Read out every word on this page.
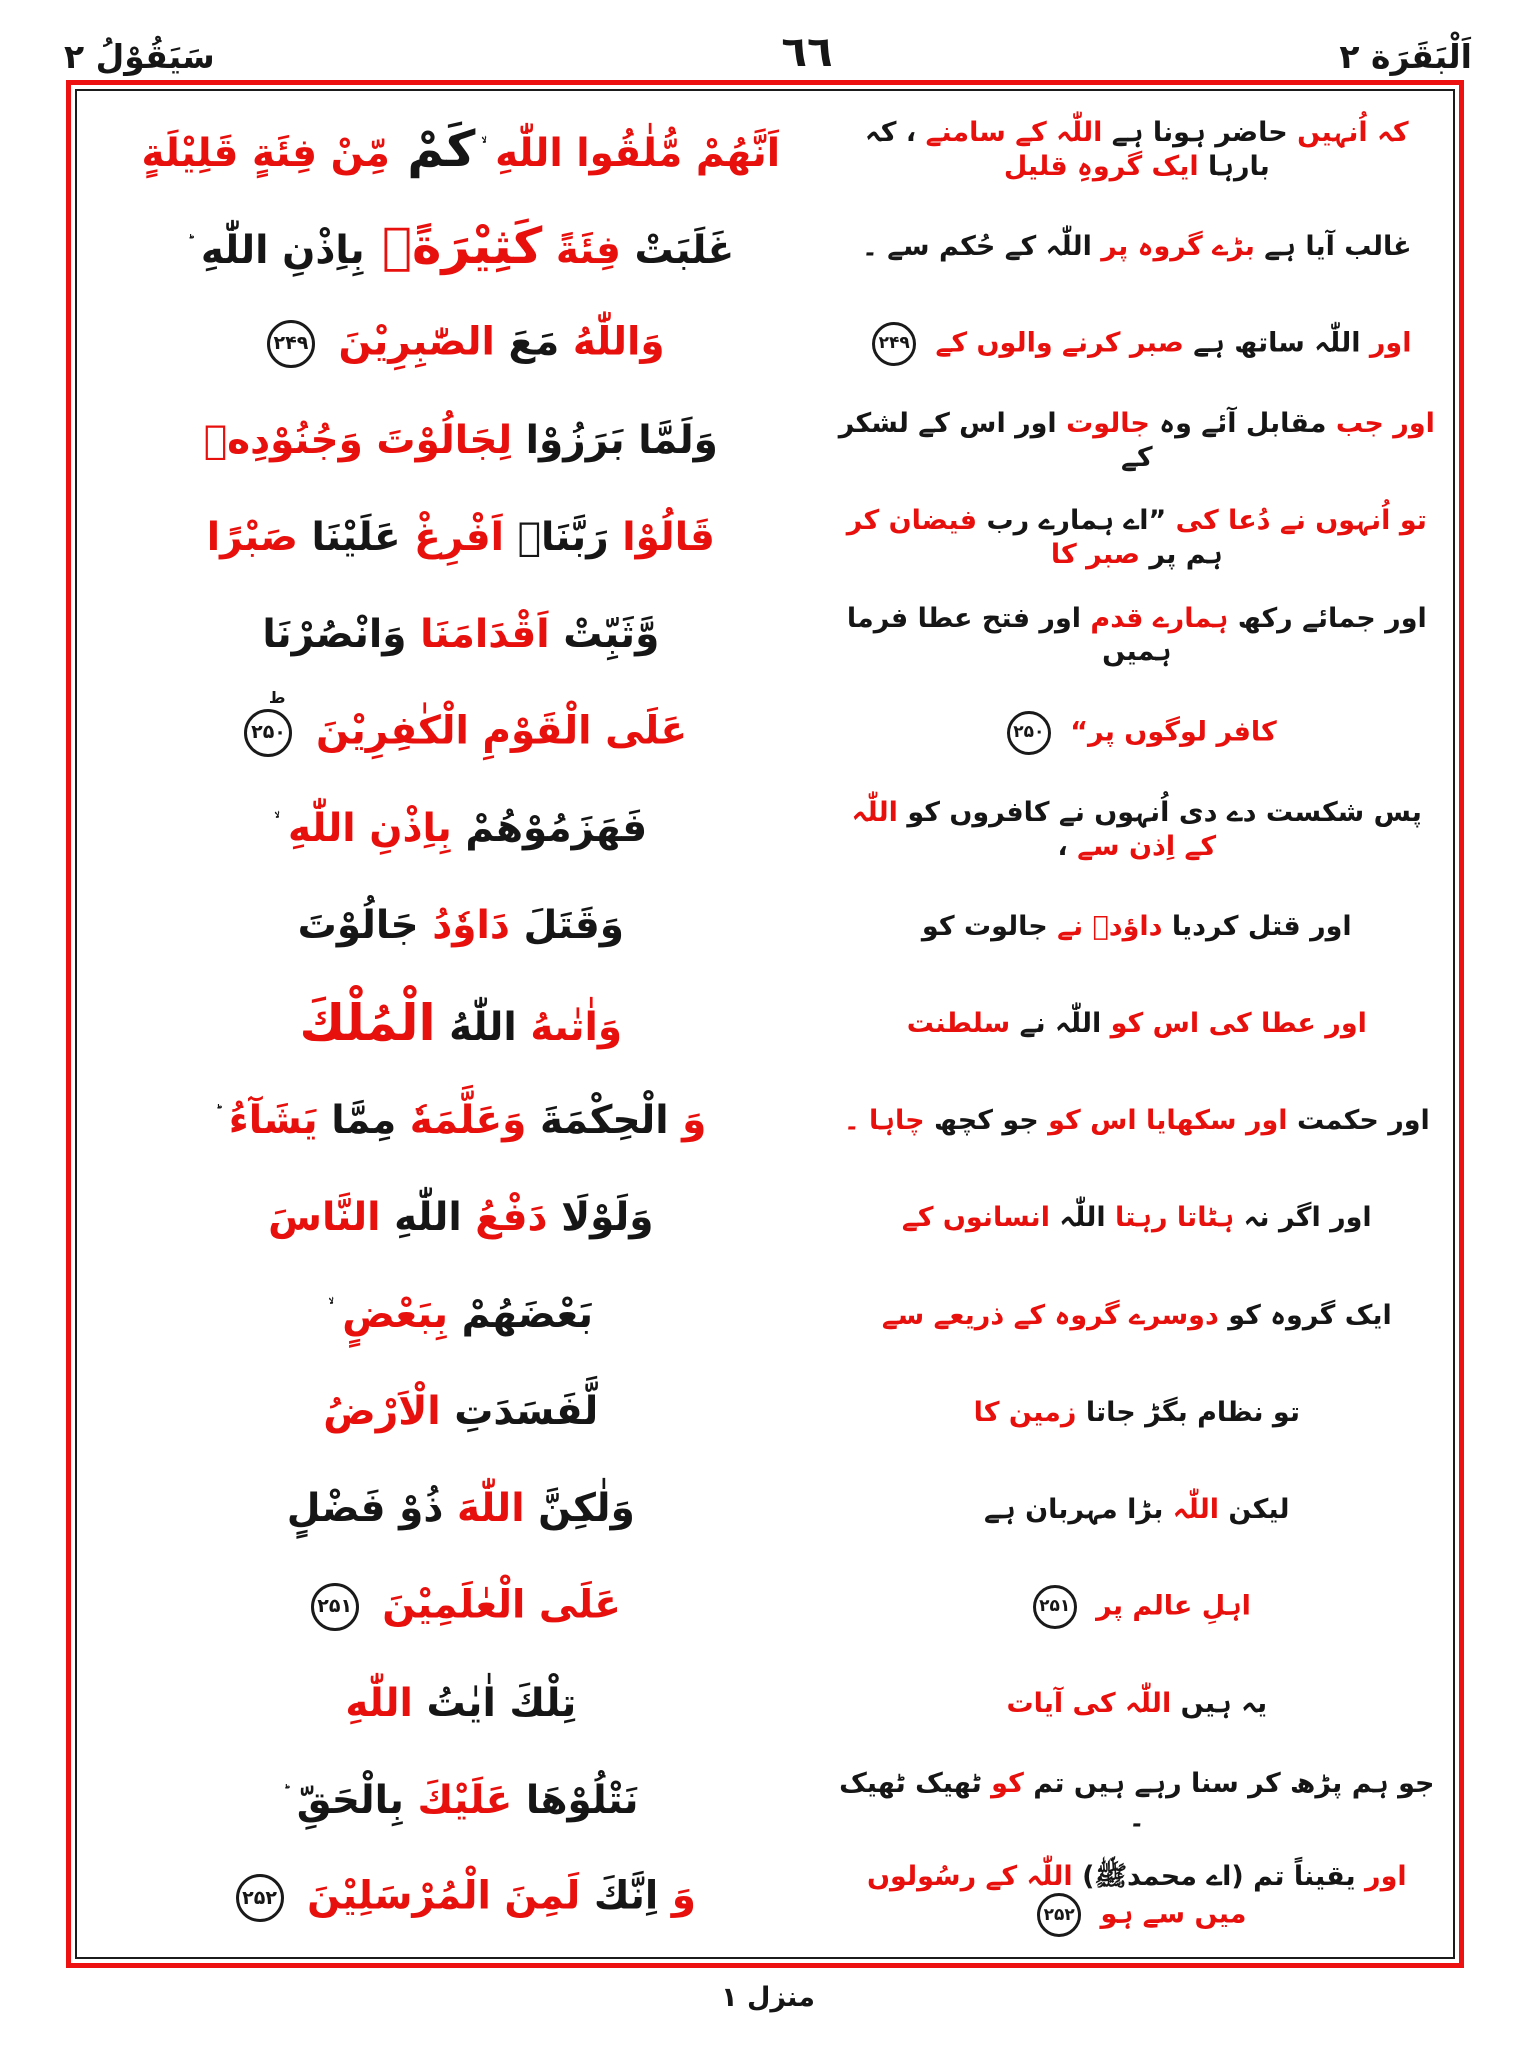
اَلْبَقَرَة ۲
٦٦
سَيَقُوْلُ ۲
کہ اُنہیں حاضر ہونا ہے اللّٰہ کے سامنے ، کہ بارہا ایک گروہِ قلیل
اَنَّهُمْ مُّلٰقُوا اللّٰهِ ۙ كَمْ مِّنْ فِئَةٍ قَلِيْلَةٍ
غالب آیا ہے بڑے گروہ پر اللّٰہ کے حُکم سے ۔
غَلَبَتْ فِئَةً كَثِيْرَةًۢ بِاِذْنِ اللّٰهِ
اور اللّٰہ ساتھ ہے صبر کرنے والوں کے
۲۴۹
وَاللّٰهُ مَعَ الصّٰبِرِيْنَ
۲۴۹
اور جب مقابل آئے وہ جالوت اور اس کے لشکر کے
وَلَمَّا بَرَزُوْا لِجَالُوْتَ وَجُنُوْدِهٖ
تو اُنہوں نے دُعا کی ”اے ہمارے رب فیضان کر ہم پر صبر کا
قَالُوْا رَبَّنَاۤ اَفْرِغْ عَلَيْنَا صَبْرًا
اور جمائے رکھ ہمارے قدم اور فتح عطا فرما ہمیں
وَّثَبِّتْ اَقْدَامَنَا وَانْصُرْنَا
کافر لوگوں پر“
۲۵۰
عَلَى الْقَوْمِ الْكٰفِرِيْنَ
۲۵۰
ط
پس شکست دے دی اُنہوں نے کافروں کو اللّٰہ کے اِذن سے ،
فَهَزَمُوْهُمْ بِاِذْنِ اللّٰهِ
اور قتل کردیا داؤدؑ نے جالوت کو
وَقَتَلَ دَاوٗدُ جَالُوْتَ
اور عطا کی اس کو اللّٰہ نے سلطنت
وَاٰتٰىهُ اللّٰهُ الْمُلْكَ
اور حکمت اور سکھایا اس کو جو کچھ چاہا ۔
وَ الْحِكْمَةَ وَعَلَّمَهٗ مِمَّا يَشَآءُ
اور اگر نہ ہٹاتا رہتا اللّٰہ انسانوں کے
وَلَوْلَا دَفْعُ اللّٰهِ النَّاسَ
ایک گروہ کو دوسرے گروہ کے ذریعے سے
بَعْضَهُمْ بِبَعْضٍ
تو نظام بگڑ جاتا زمین کا
لَّفَسَدَتِ الْاَرْضُ
لیکن اللّٰہ بڑا مہربان ہے
وَلٰكِنَّ اللّٰهَ ذُوْ فَضْلٍ
اہلِ عالم پر
۲۵۱
عَلَى الْعٰلَمِيْنَ
۲۵۱
یہ ہیں اللّٰہ کی آیات
تِلْكَ اٰيٰتُ اللّٰهِ
جو ہم پڑھ کر سنا رہے ہیں تم کو ٹھیک ٹھیک ۔
نَتْلُوْهَا عَلَيْكَ بِالْحَقِّ
اور یقیناً تم (اے محمدﷺ) اللّٰہ کے رسُولوں میں سے ہو
۲۵۲
وَ اِنَّكَ لَمِنَ الْمُرْسَلِيْنَ
۲۵۲
منزل ۱
